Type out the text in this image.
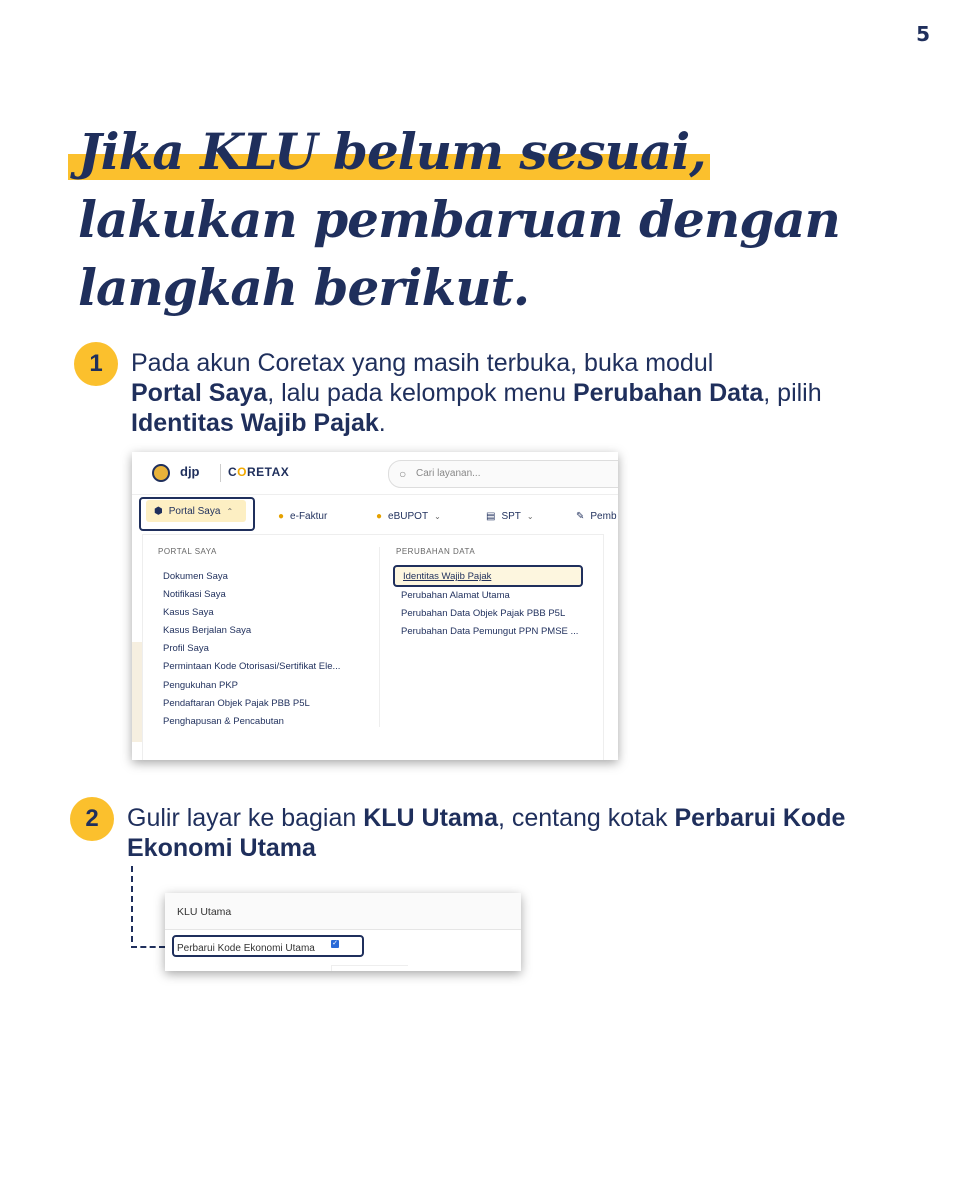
5
Jika KLU belum sesuai,
lakukan pembaruan dengan
langkah berikut.
1	Pada akun Coretax yang masih terbuka, buka modul
Portal Saya, lalu pada kelompok menu Perubahan Data, pilih Identitas Wajib Pajak.
djp CORETAX	○ Cari layanan...
⬢ Portal Saya ⌃	● e-Faktur	● eBUPOT ⌄	▤ SPT ⌄	✎ Pemb
PORTAL SAYA
Dokumen Saya
Notifikasi Saya
Kasus Saya
Kasus Berjalan Saya
Profil Saya
Permintaan Kode Otorisasi/Sertifikat Ele...
Pengukuhan PKP
Pendaftaran Objek Pajak PBB P5L
Penghapusan & Pencabutan
PERUBAHAN DATA
Identitas Wajib Pajak
Perubahan Alamat Utama
Perubahan Data Objek Pajak PBB P5L
Perubahan Data Pemungut PPN PMSE ...
2	Gulir layar ke bagian KLU Utama, centang kotak Perbarui Kode Ekonomi Utama
KLU Utama
Perbarui Kode Ekonomi Utama ✓
